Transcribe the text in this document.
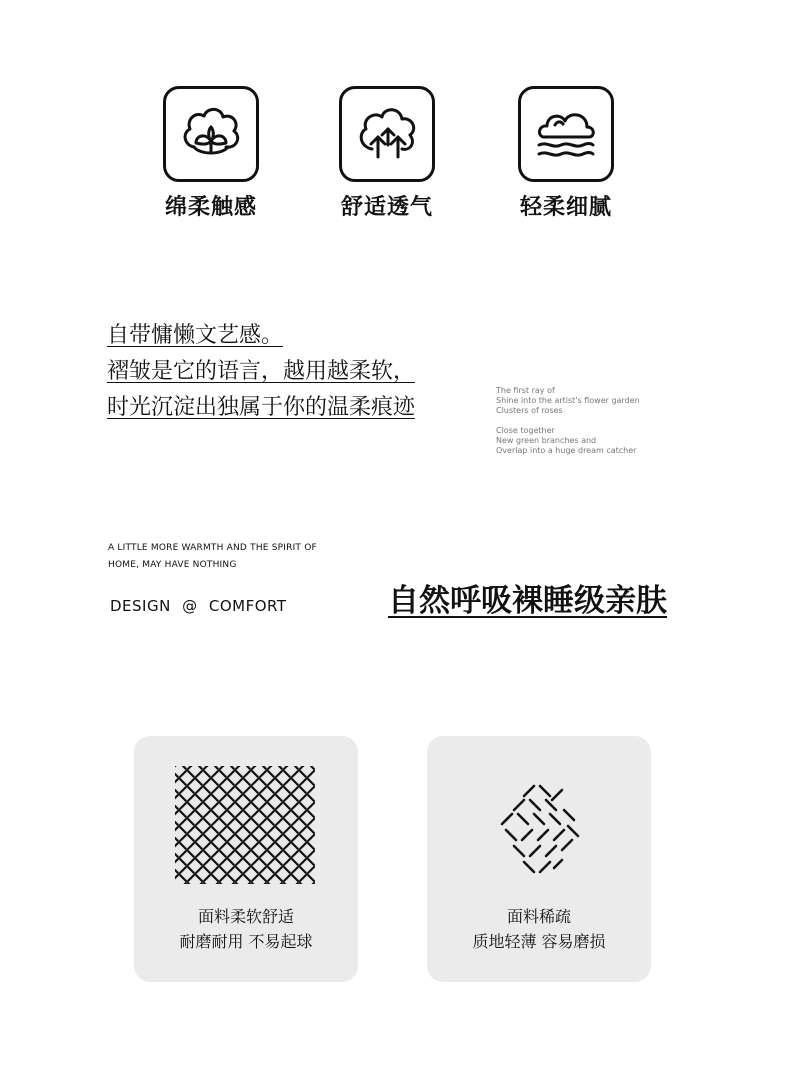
绵柔触感	舒适透气	轻柔细腻
自带慵懒文艺感。
褶皱是它的语言，越用越柔软，
时光沉淀出独属于你的温柔痕迹
The first ray of
Shine into the artist's flower garden
Clusters of roses
Close together
New green branches and
Overlap into a huge dream catcher
A LITTLE MORE WARMTH AND THE SPIRIT OF
HOME, MAY HAVE NOTHING
DESIGN @ COMFORT	自然呼吸裸睡级亲肤
面料柔软舒适
耐磨耐用 不易起球
面料稀疏
质地轻薄 容易磨损
